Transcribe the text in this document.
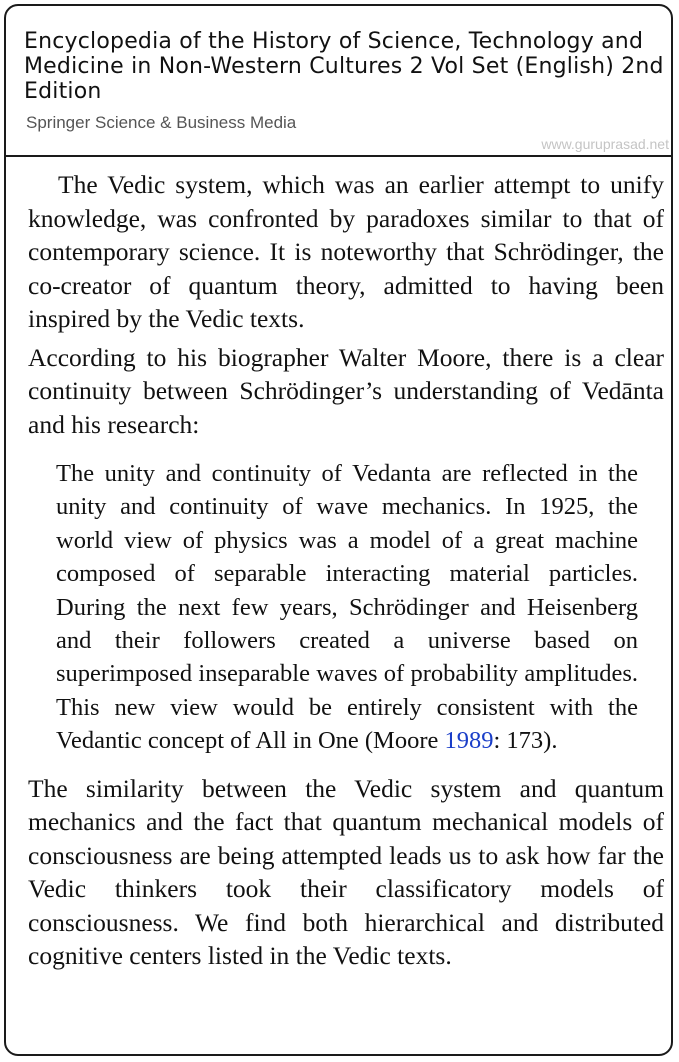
Encyclopedia of the History of Science, Technology and Medicine in Non-Western Cultures 2 Vol Set (English) 2nd Edition

Springer Science & Business Media

www.guruprasad.net

The Vedic system, which was an earlier attempt to unify knowledge, was confronted by paradoxes similar to that of contemporary science. It is noteworthy that Schrödinger, the co-creator of quantum theory, admitted to having been inspired by the Vedic texts.

According to his biographer Walter Moore, there is a clear continuity between Schrödinger’s understanding of Vedānta and his research:

The unity and continuity of Vedanta are reflected in the unity and continuity of wave mechanics. In 1925, the world view of physics was a model of a great machine composed of separable interacting material particles. During the next few years, Schrödinger and Heisenberg and their followers created a universe based on superimposed inseparable waves of probability amplitudes. This new view would be entirely consistent with the Vedantic concept of All in One (Moore 1989: 173).

The similarity between the Vedic system and quantum mechanics and the fact that quantum mechanical models of consciousness are being attempted leads us to ask how far the Vedic thinkers took their classificatory models of consciousness. We find both hierarchical and distributed cognitive centers listed in the Vedic texts.
